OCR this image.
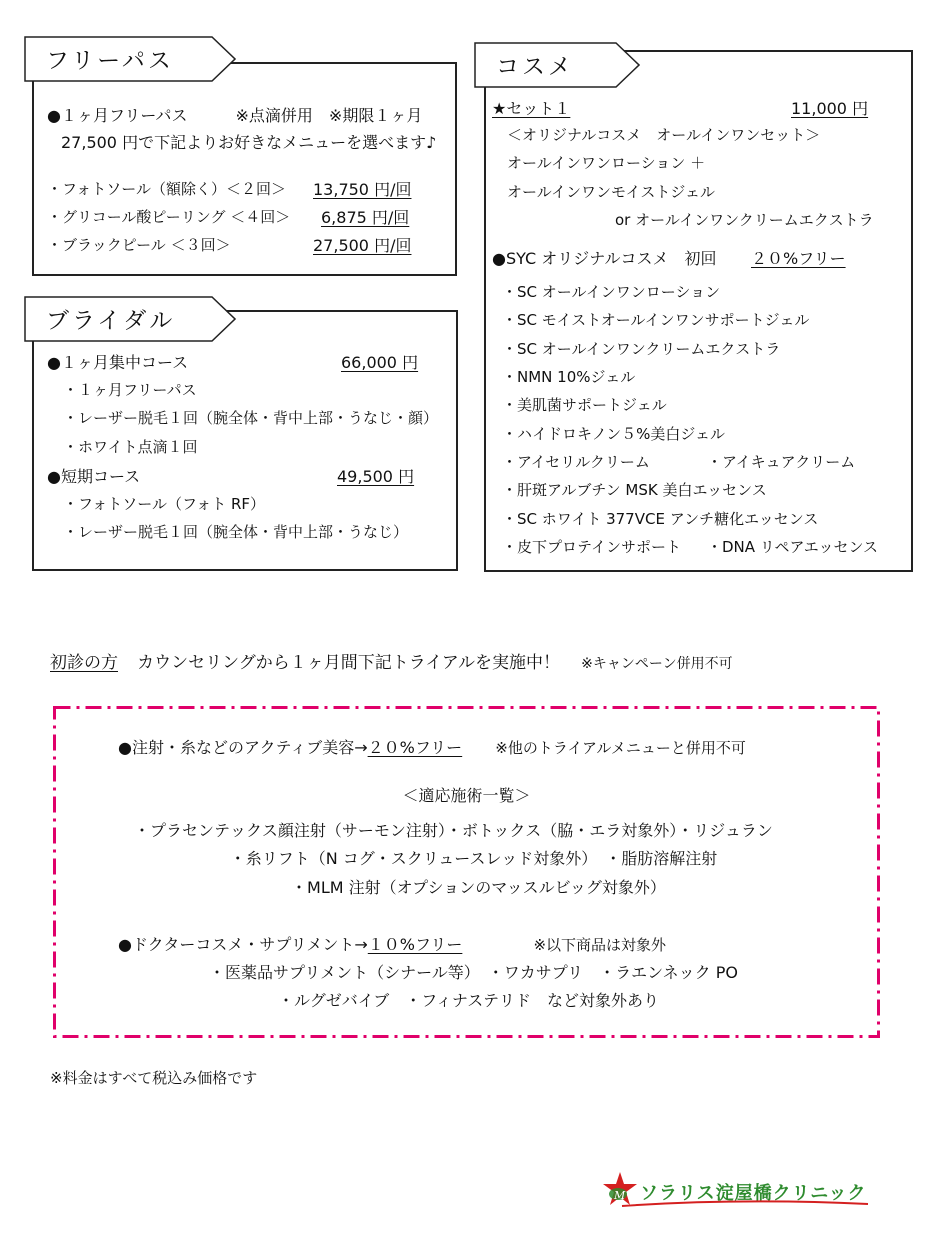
フリーパス
●１ヶ月フリーパス　　　※点滴併用　※期限１ヶ月
27,500 円で下記よりお好きなメニューを選べます♪
・フォトソール（額除く）＜２回＞ 13,750 円/回
・グリコール酸ピーリング ＜４回＞ 6,875 円/回
・ブラックピール ＜３回＞	27,500 円/回
ブライダル
●１ヶ月集中コース	66,000 円
・１ヶ月フリーパス
・レーザー脱毛１回（腕全体・背中上部・うなじ・顔）
・ホワイト点滴１回
●短期コース	49,500 円
・フォトソール（フォト RF）
・レーザー脱毛１回（腕全体・背中上部・うなじ）
コスメ
★セット１	11,000 円
＜オリジナルコスメ　オールインワンセット＞
オールインワンローション ＋
オールインワンモイストジェル
or オールインワンクリームエクストラ
●SYC オリジナルコスメ　初回 ２０%フリー
・SC オールインワンローション
・SC モイストオールインワンサポートジェル
・SC オールインワンクリームエクストラ
・NMN 10%ジェル
・美肌菌サポートジェル
・ハイドロキノン５%美白ジェル
・アイセリルクリーム	・アイキュアクリーム
・肝斑アルブチン MSK 美白エッセンス
・SC ホワイト 377VCE アンチ糖化エッセンス
・皮下プロテインサポート ・DNA リペアエッセンス
初診の方 カウンセリングから１ヶ月間下記トライアルを実施中！ ※キャンペーン併用不可
●注射・糸などのアクティブ美容→２０%フリー ※他のトライアルメニューと併用不可
＜適応施術一覧＞
・プラセンテックス顔注射（サーモン注射）・ボトックス（脇・エラ対象外）・リジュラン
・糸リフト（N コグ・スクリュースレッド対象外）　・脂肪溶解注射
・MLM 注射（オプションのマッスルビッグ対象外）
●ドクターコスメ・サプリメント→１０%フリー	※以下商品は対象外
・医薬品サプリメント（シナール等）　・ワカサプリ　・ラエンネック PO
・ルグゼバイブ　・フィナステリド　など対象外あり
※料金はすべて税込み価格です
M ソラリス淀屋橋クリニック
